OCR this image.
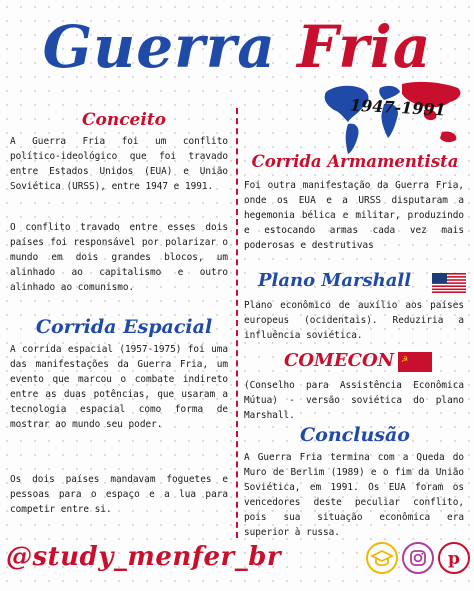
Guerra Fria
1947-1991
Conceito
A Guerra Fria foi um conflito político-ideológico que foi travado entre Estados Unidos (EUA) e União Soviética (URSS), entre 1947 e 1991.
O conflito travado entre esses dois países foi responsável por polarizar o mundo em dois grandes blocos, um alinhado ao capitalismo e outro alinhado ao comunismo.
Corrida Espacial
A corrida espacial (1957-1975) foi uma das manifestações da Guerra Fria, um evento que marcou o combate indireto entre as duas potências, que usaram a tecnologia espacial como forma de mostrar ao mundo seu poder.
Os dois países mandavam foguetes e pessoas para o espaço e a lua para competir entre si.
Corrida Armamentista
Foi outra manifestação da Guerra Fria, onde os EUA e a URSS disputaram a hegemonia bélica e militar, produzindo e estocando armas cada vez mais poderosas e destrutivas
Plano Marshall
Plano econômico de auxílio aos países europeus (ocidentais). Reduziria a influência soviética.
COMECON ☭
(Conselho para Assistência Econômica Mútua) - versão soviética do plano Marshall.
Conclusão
A Guerra Fria termina com a Queda do Muro de Berlim (1989) e o fim da União Soviética, em 1991. Os EUA foram os vencedores deste peculiar conflito, pois sua situação econômica era superior à russa.
@study_menfer_br	p
